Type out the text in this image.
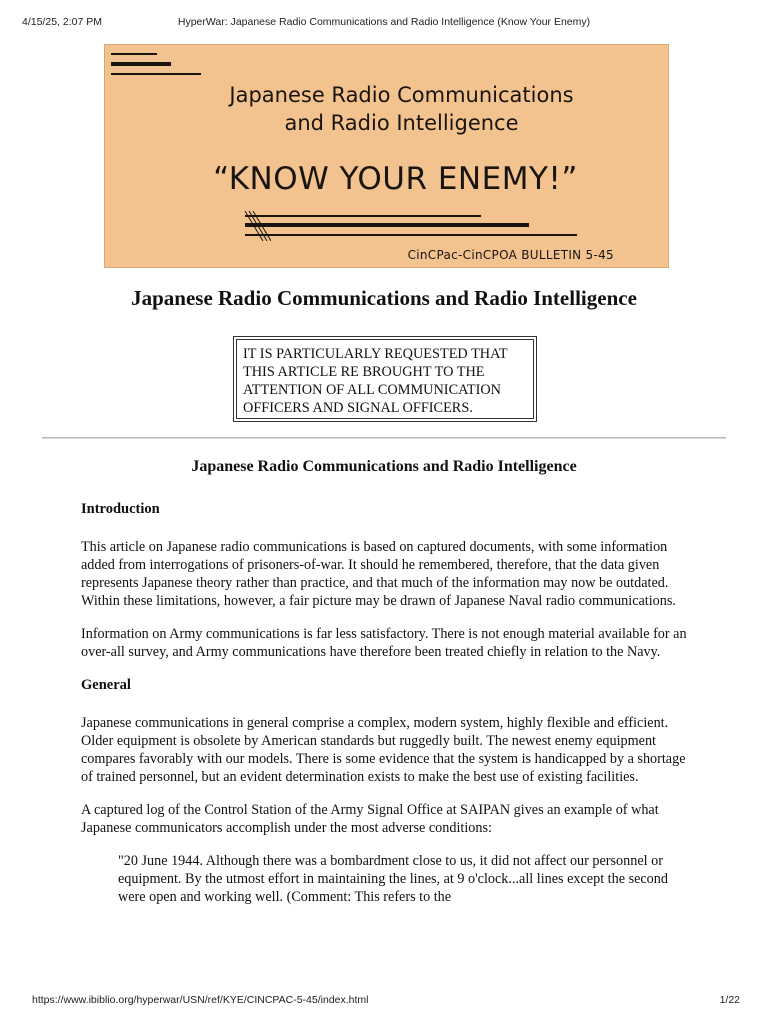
4/15/25, 2:07 PM	HyperWar: Japanese Radio Communications and Radio Intelligence (Know Your Enemy)
Japanese Radio Communications
and Radio Intelligence
“KNOW YOUR ENEMY!”
CinCPac-CinCPOA BULLETIN 5-45
Japanese Radio Communications and Radio Intelligence
IT IS PARTICULARLY REQUESTED THAT
THIS ARTICLE RE BROUGHT TO THE
ATTENTION OF ALL COMMUNICATION
OFFICERS AND SIGNAL OFFICERS.
Japanese Radio Communications and Radio Intelligence
Introduction

This article on Japanese radio communications is based on captured documents, with some information added from interrogations of prisoners-of-war. It should he remembered, therefore, that the data given represents Japanese theory rather than practice, and that much of the information may now be outdated. Within these limitations, however, a fair picture may be drawn of Japanese Naval radio communications.

Information on Army communications is far less satisfactory. There is not enough material available for an over-all survey, and Army communications have therefore been treated chiefly in relation to the Navy.

General

Japanese communications in general comprise a complex, modern system, highly flexible and efficient. Older equipment is obsolete by American standards but ruggedly built. The newest enemy equipment compares favorably with our models. There is some evidence that the system is handicapped by a shortage of trained personnel, but an evident determination exists to make the best use of existing facilities.

A captured log of the Control Station of the Army Signal Office at SAIPAN gives an example of what Japanese communicators accomplish under the most adverse conditions:

"20 June 1944. Although there was a bombardment close to us, it did not affect our personnel or equipment. By the utmost effort in maintaining the lines, at 9 o'clock...all lines except the second were open and working well. (Comment: This refers to the
https://www.ibiblio.org/hyperwar/USN/ref/KYE/CINCPAC-5-45/index.html	1/22
